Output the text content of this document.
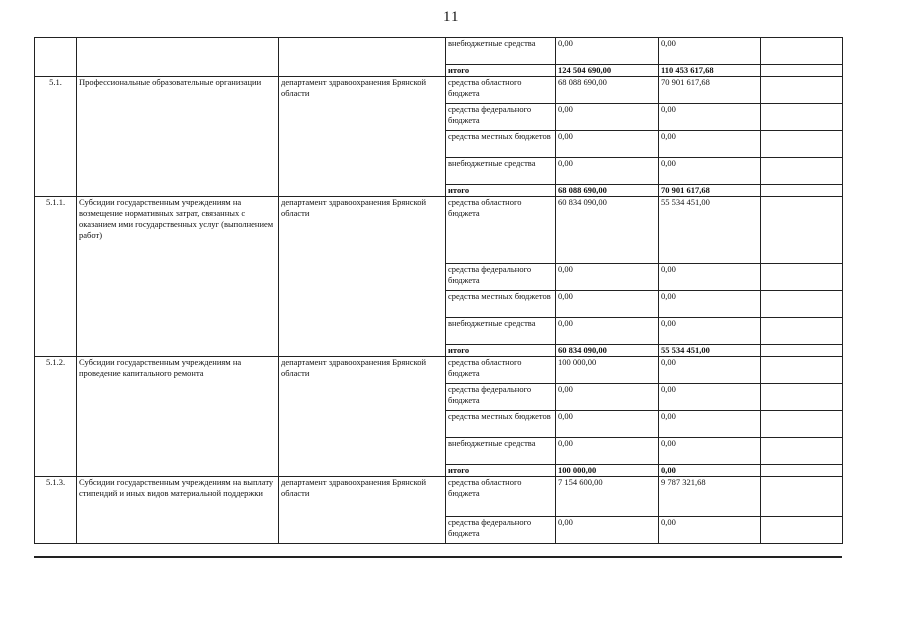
11
			внебюджетные средства	0,00	0,00	
			итого	124 504 690,00	110 453 617,68	
5.1.	Профессиональные образовательные организации	департамент здравоохранения Брянской области	средства областного бюджета	68 088 690,00	70 901 617,68	
			средства федерального бюджета	0,00	0,00	
			средства местных бюджетов	0,00	0,00	
			внебюджетные средства	0,00	0,00	
			итого	68 088 690,00	70 901 617,68	
5.1.1.	Субсидии государственным учреждениям на возмещение нормативных затрат, связанных с оказанием ими государственных услуг (выполнением работ)	департамент здравоохранения Брянской области	средства областного бюджета	60 834 090,00	55 534 451,00	
			средства федерального бюджета	0,00	0,00	
			средства местных бюджетов	0,00	0,00	
			внебюджетные средства	0,00	0,00	
			итого	60 834 090,00	55 534 451,00	
5.1.2.	Субсидии государственным учреждениям на проведение капитального ремонта	департамент здравоохранения Брянской области	средства областного бюджета	100 000,00	0,00	
			средства федерального бюджета	0,00	0,00	
			средства местных бюджетов	0,00	0,00	
			внебюджетные средства	0,00	0,00	
			итого	100 000,00	0,00	
5.1.3.	Субсидии государственным учреждениям на выплату стипендий и иных видов материальной поддержки	департамент здравоохранения Брянской области	средства областного бюджета	7 154 600,00	9 787 321,68	
			средства федерального бюджета	0,00	0,00	
